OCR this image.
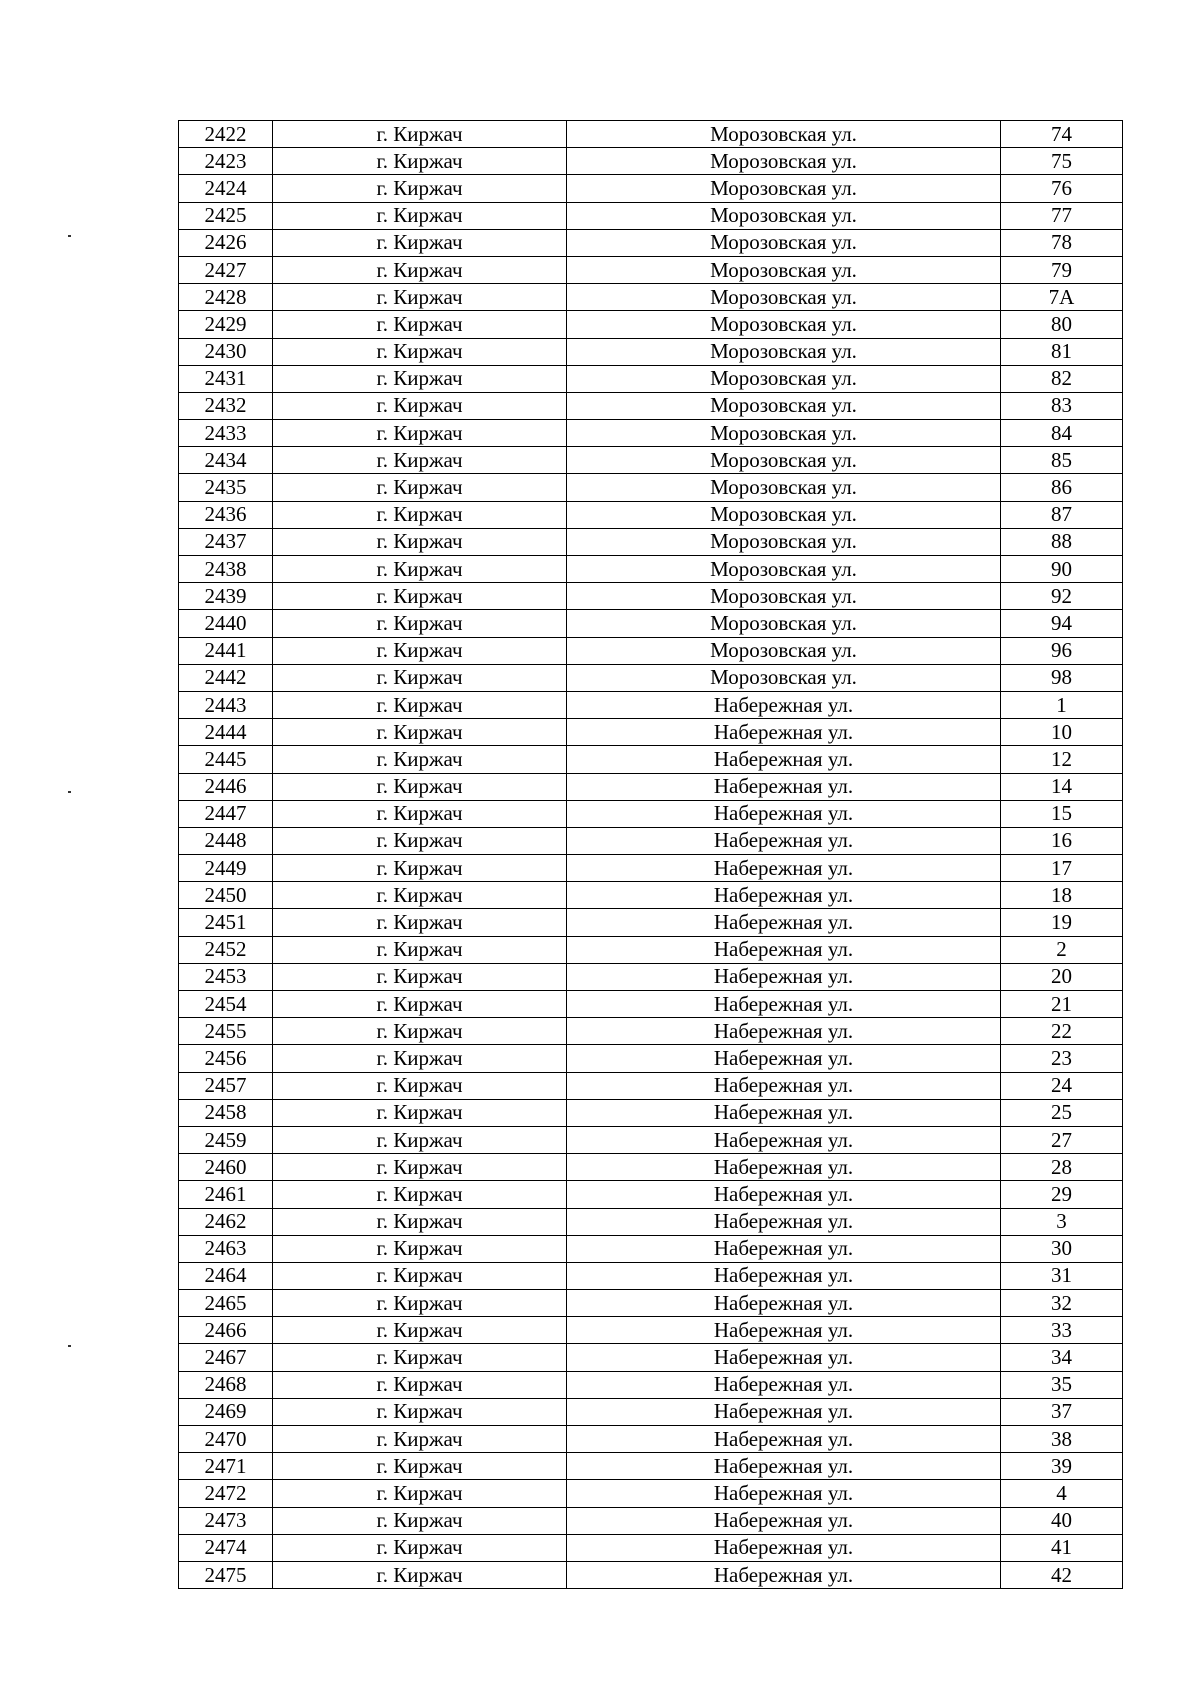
2422	г. Киржач	Морозовская ул.	74
2423	г. Киржач	Морозовская ул.	75
2424	г. Киржач	Морозовская ул.	76
2425	г. Киржач	Морозовская ул.	77
2426	г. Киржач	Морозовская ул.	78
2427	г. Киржач	Морозовская ул.	79
2428	г. Киржач	Морозовская ул.	7А
2429	г. Киржач	Морозовская ул.	80
2430	г. Киржач	Морозовская ул.	81
2431	г. Киржач	Морозовская ул.	82
2432	г. Киржач	Морозовская ул.	83
2433	г. Киржач	Морозовская ул.	84
2434	г. Киржач	Морозовская ул.	85
2435	г. Киржач	Морозовская ул.	86
2436	г. Киржач	Морозовская ул.	87
2437	г. Киржач	Морозовская ул.	88
2438	г. Киржач	Морозовская ул.	90
2439	г. Киржач	Морозовская ул.	92
2440	г. Киржач	Морозовская ул.	94
2441	г. Киржач	Морозовская ул.	96
2442	г. Киржач	Морозовская ул.	98
2443	г. Киржач	Набережная ул.	1
2444	г. Киржач	Набережная ул.	10
2445	г. Киржач	Набережная ул.	12
2446	г. Киржач	Набережная ул.	14
2447	г. Киржач	Набережная ул.	15
2448	г. Киржач	Набережная ул.	16
2449	г. Киржач	Набережная ул.	17
2450	г. Киржач	Набережная ул.	18
2451	г. Киржач	Набережная ул.	19
2452	г. Киржач	Набережная ул.	2
2453	г. Киржач	Набережная ул.	20
2454	г. Киржач	Набережная ул.	21
2455	г. Киржач	Набережная ул.	22
2456	г. Киржач	Набережная ул.	23
2457	г. Киржач	Набережная ул.	24
2458	г. Киржач	Набережная ул.	25
2459	г. Киржач	Набережная ул.	27
2460	г. Киржач	Набережная ул.	28
2461	г. Киржач	Набережная ул.	29
2462	г. Киржач	Набережная ул.	3
2463	г. Киржач	Набережная ул.	30
2464	г. Киржач	Набережная ул.	31
2465	г. Киржач	Набережная ул.	32
2466	г. Киржач	Набережная ул.	33
2467	г. Киржач	Набережная ул.	34
2468	г. Киржач	Набережная ул.	35
2469	г. Киржач	Набережная ул.	37
2470	г. Киржач	Набережная ул.	38
2471	г. Киржач	Набережная ул.	39
2472	г. Киржач	Набережная ул.	4
2473	г. Киржач	Набережная ул.	40
2474	г. Киржач	Набережная ул.	41
2475	г. Киржач	Набережная ул.	42
